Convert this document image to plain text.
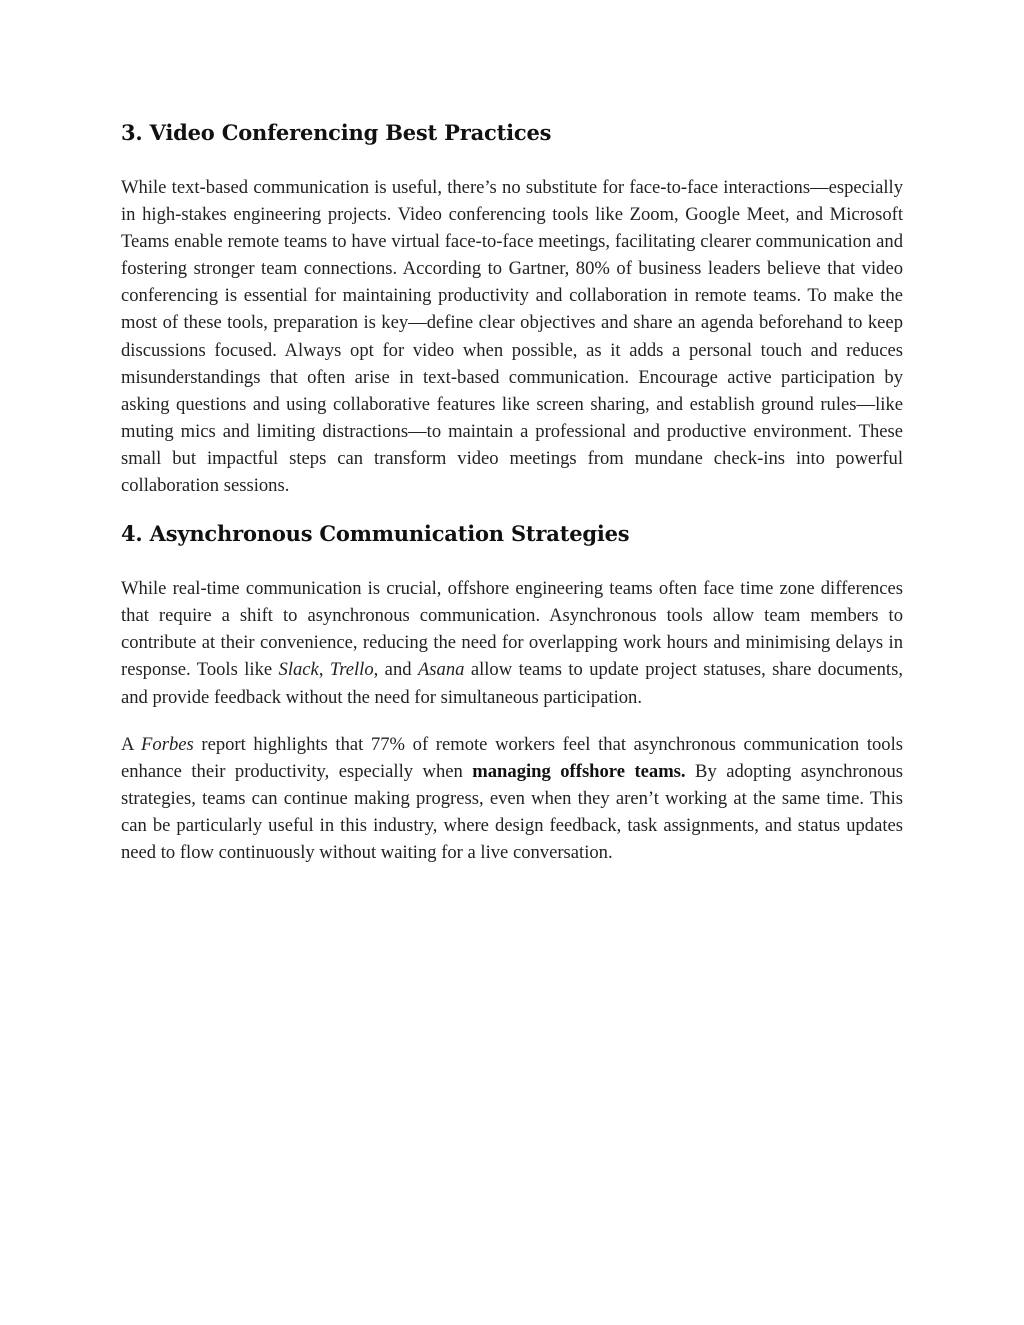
3. Video Conferencing Best Practices

While text-based communication is useful, there’s no substitute for face-to-face interactions—especially in high-stakes engineering projects. Video conferencing tools like Zoom, Google Meet, and Microsoft Teams enable remote teams to have virtual face-to-face meetings, facilitating clearer communication and fostering stronger team connections. According to Gartner, 80% of business leaders believe that video conferencing is essential for maintaining productivity and collaboration in remote teams. To make the most of these tools, preparation is key—define clear objectives and share an agenda beforehand to keep discussions focused. Always opt for video when possible, as it adds a personal touch and reduces misunderstandings that often arise in text-based communication. Encourage active participation by asking questions and using collaborative features like screen sharing, and establish ground rules—like muting mics and limiting distractions—to maintain a professional and productive environment. These small but impactful steps can transform video meetings from mundane check-ins into powerful collaboration sessions.

4. Asynchronous Communication Strategies

While real-time communication is crucial, offshore engineering teams often face time zone differences that require a shift to asynchronous communication. Asynchronous tools allow team members to contribute at their convenience, reducing the need for overlapping work hours and minimising delays in response. Tools like Slack, Trello, and Asana allow teams to update project statuses, share documents, and provide feedback without the need for simultaneous participation.

A Forbes report highlights that 77% of remote workers feel that asynchronous communication tools enhance their productivity, especially when managing offshore teams. By adopting asynchronous strategies, teams can continue making progress, even when they aren’t working at the same time. This can be particularly useful in this industry, where design feedback, task assignments, and status updates need to flow continuously without waiting for a live conversation.
